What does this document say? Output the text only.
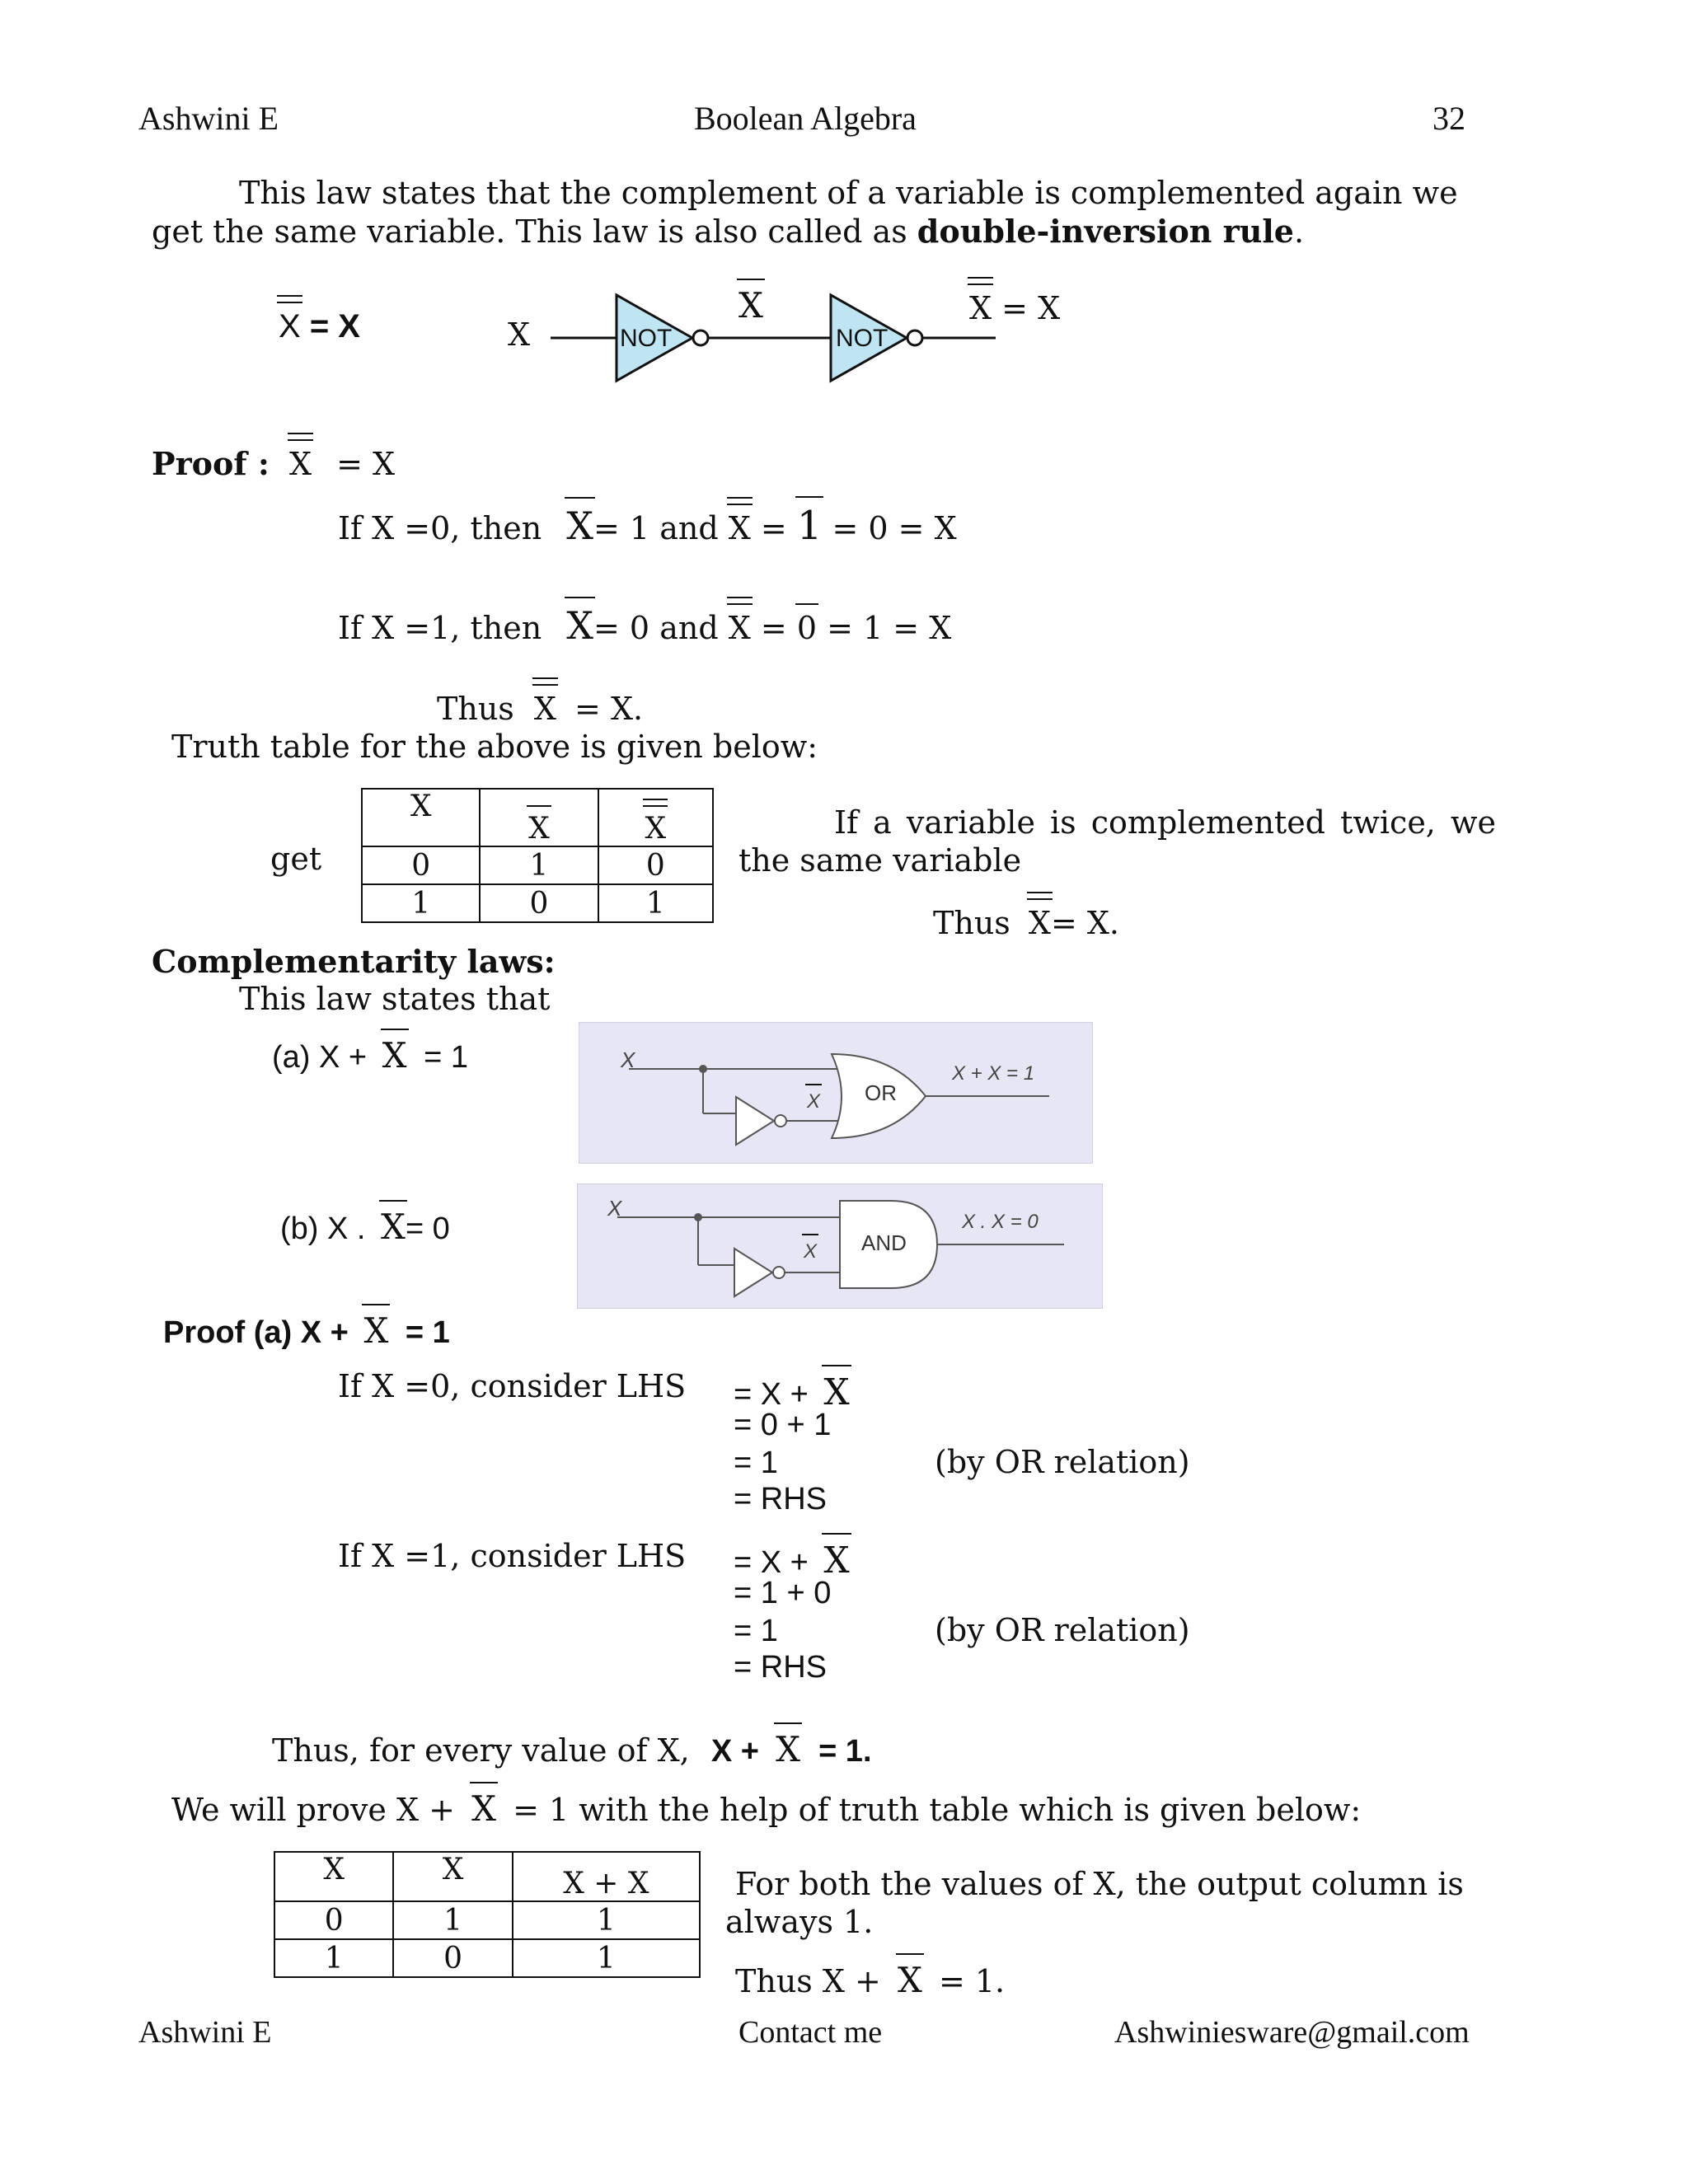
Ashwini E	Boolean Algebra	32
This law states that the complement of a variable is complemented again we
get the same variable. This law is also called as double-inversion rule.
X = X	X	NOT	NOT
X	X = X
Proof : X = X
If X =0, then X= 1 and X = 1 = 0 = X
If X =1, then X= 0 and X = 0 = 1 = X
Thus X = X.
Truth table for the above is given below:
X	X	X
0	1	0
1	0	1
get
If a variable is complemented twice, we
the same variable
Thus X= X.
Complementarity laws:
This law states that
(a) X + X = 1
(b) X . X= 0
X
X OR
X + X = 1
X
X AND
X . X = 0
Proof (a) X + X = 1
If X =0, consider LHS = X + X
= 0 + 1
= 1	(by OR relation)
= RHS
If X =1, consider LHS = X + X
= 1 + 0
= 1	(by OR relation)
= RHS
Thus, for every value of X, X + X = 1.
We will prove X + X = 1 with the help of truth table which is given below:
X	X	X + X
0	1	1
1	0	1
For both the values of X, the output column is
always 1.
Thus X + X = 1.
Ashwini E	Contact me	Ashwiniesware@gmail.com
